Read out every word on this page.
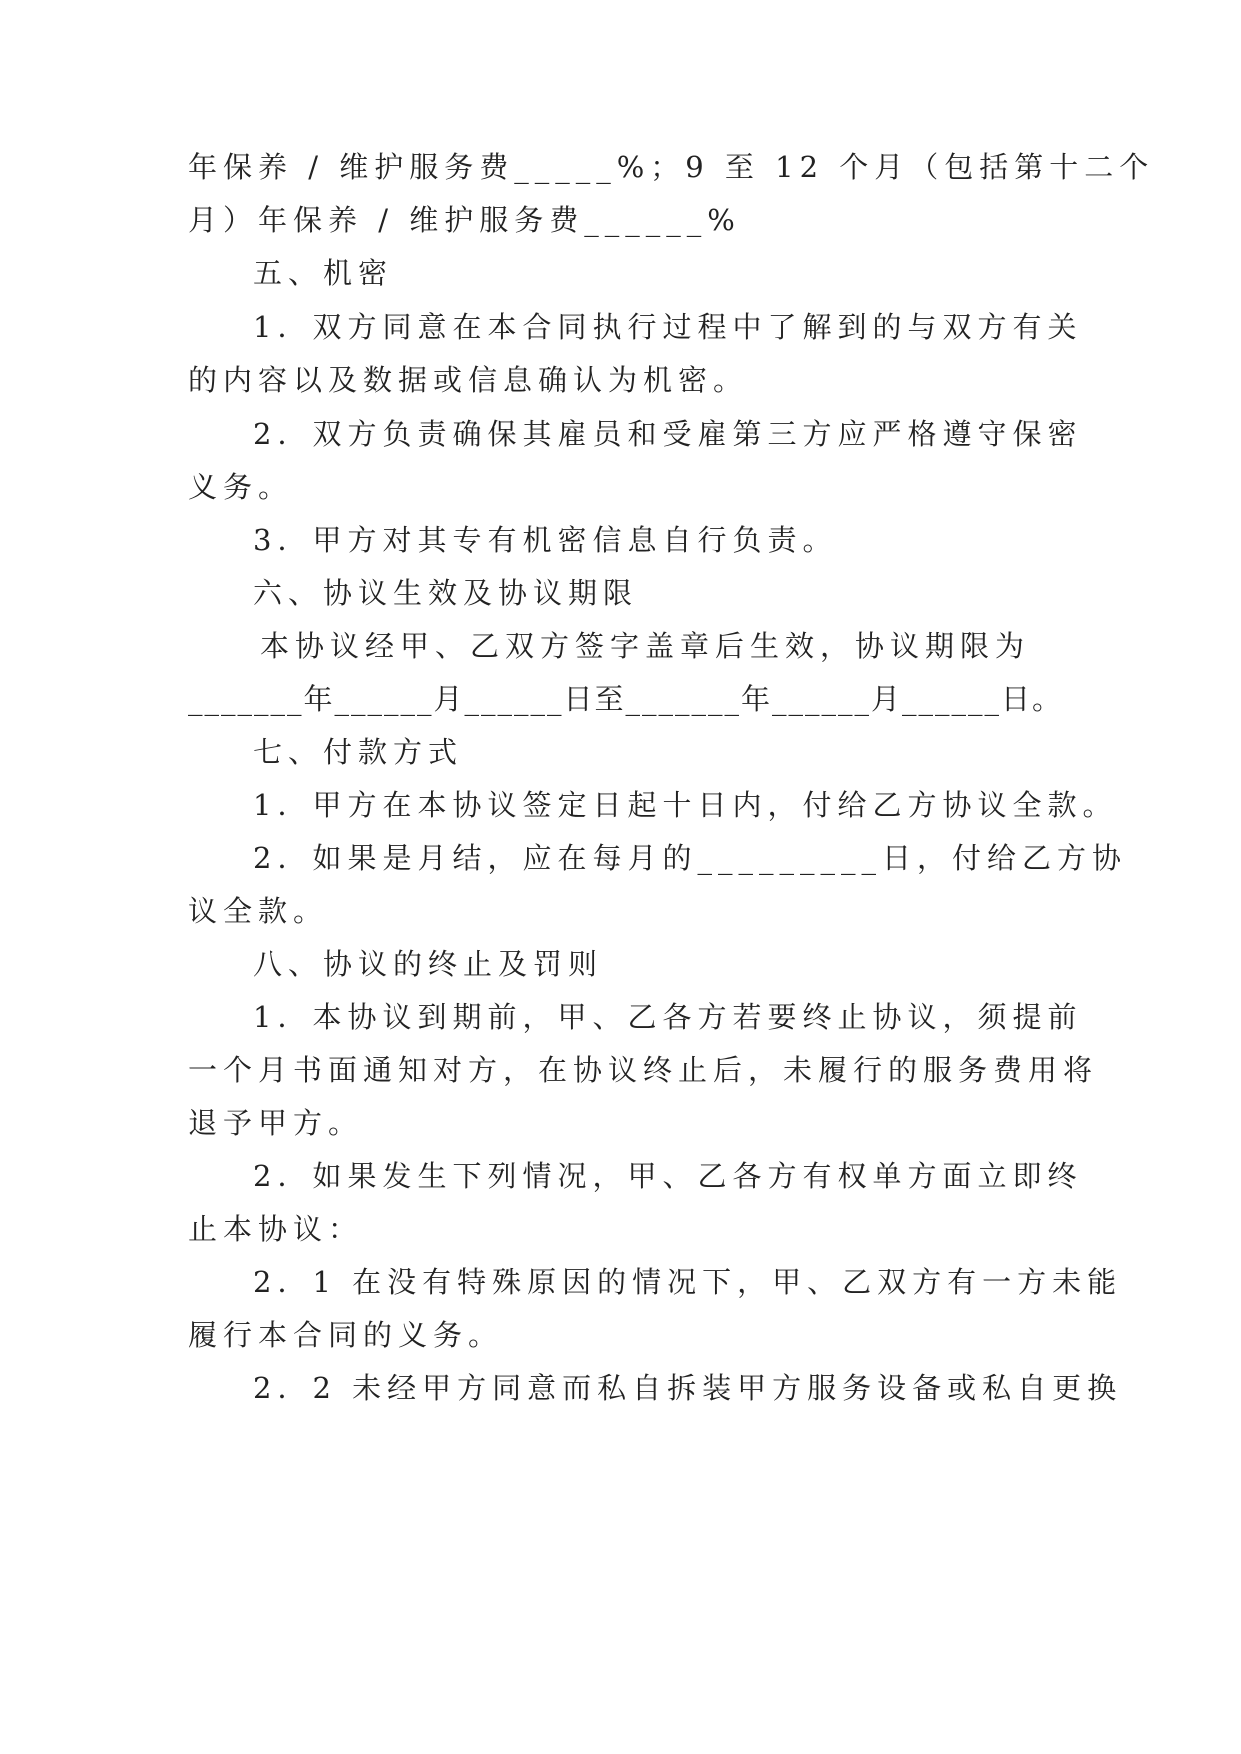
年保养 / 维护服务费_____%；9 至 12 个月（包括第十二个
月）年保养 / 维护服务费______%
五、机密
1．双方同意在本合同执行过程中了解到的与双方有关
的内容以及数据或信息确认为机密。
2．双方负责确保其雇员和受雇第三方应严格遵守保密
义务。
3．甲方对其专有机密信息自行负责。
六、协议生效及协议期限
本协议经甲、乙双方签字盖章后生效，协议期限为
_______年______月______日至_______年______月______日。
七、付款方式
1．甲方在本协议签定日起十日内，付给乙方协议全款。
2．如果是月结，应在每月的_________日，付给乙方协
议全款。
八、协议的终止及罚则
1．本协议到期前，甲、乙各方若要终止协议，须提前
一个月书面通知对方，在协议终止后，未履行的服务费用将
退予甲方。
2．如果发生下列情况，甲、乙各方有权单方面立即终
止本协议：
2．1 在没有特殊原因的情况下，甲、乙双方有一方未能
履行本合同的义务。
2．2 未经甲方同意而私自拆装甲方服务设备或私自更换
